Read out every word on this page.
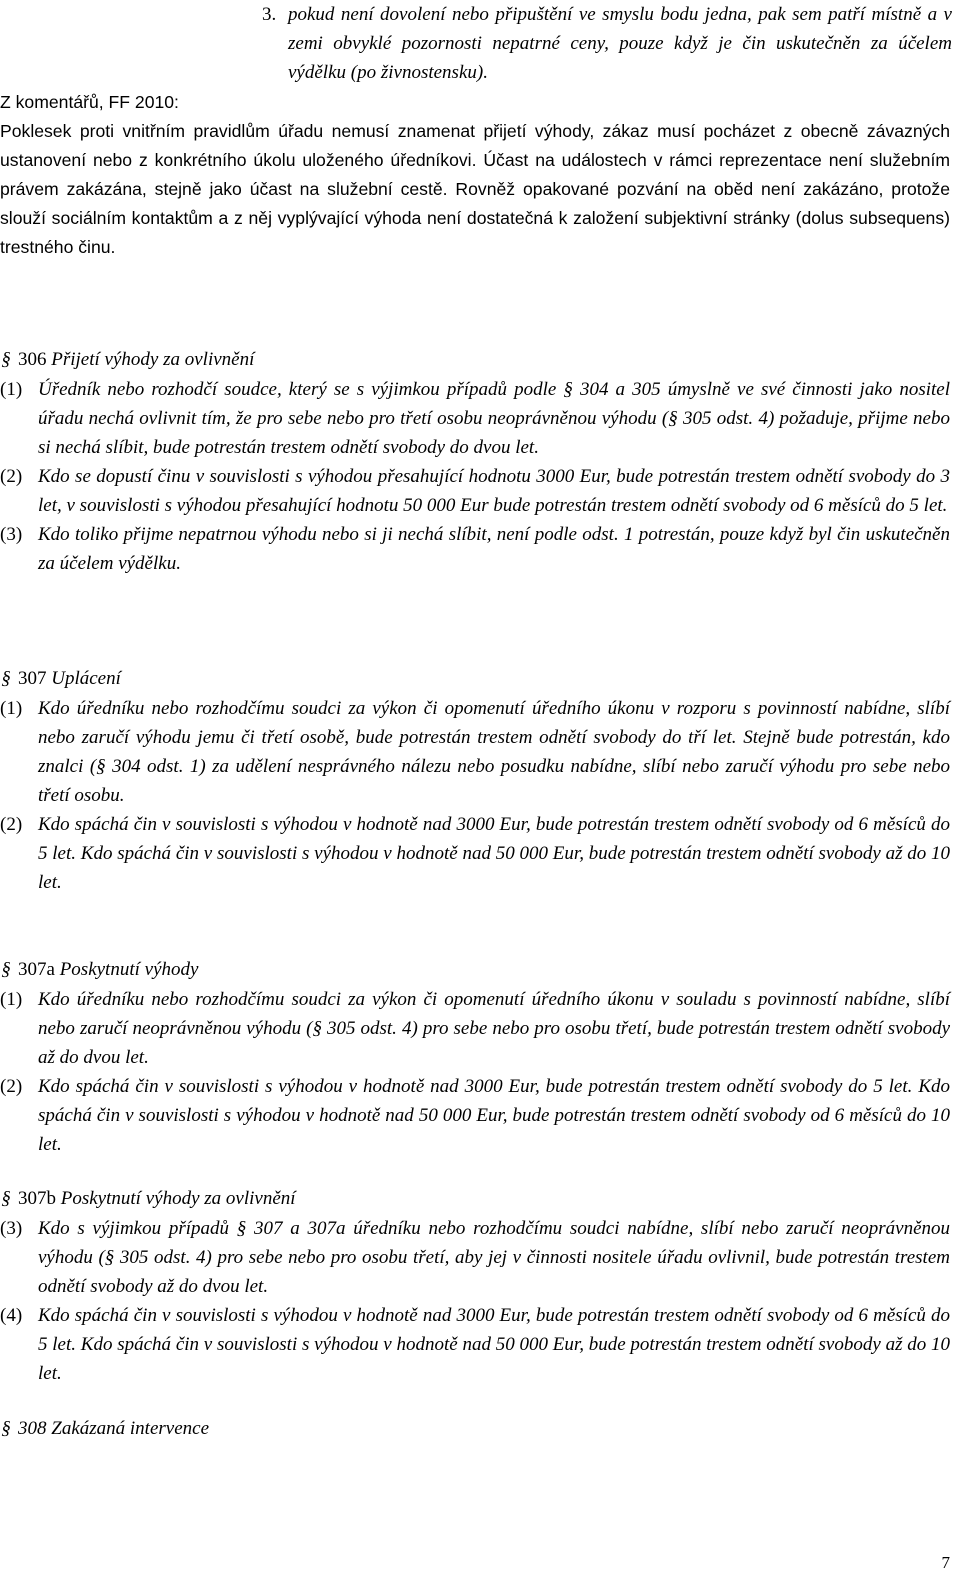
3. pokud není dovolení nebo připuštění ve smyslu bodu jedna, pak sem patří místně a v zemi obvyklé pozornosti nepatrné ceny, pouze když je čin uskutečněn za účelem výdělku (po živnostensku).

Z komentářů, FF 2010:

Poklesek proti vnitřním pravidlům úřadu nemusí znamenat přijetí výhody, zákaz musí pocházet z obecně závazných ustanovení nebo z konkrétního úkolu uloženého úředníkovi. Účast na událostech v rámci reprezentace není služebním právem zakázána, stejně jako účast na služební cestě. Rovněž opakované pozvání na oběd není zakázáno, protože slouží sociálním kontaktům a z něj vyplývající výhoda není dostatečná k založení subjektivní stránky (dolus subsequens) trestného činu.

§ 306 Přijetí výhody za ovlivnění
(1) Úředník nebo rozhodčí soudce, který se s výjimkou případů podle § 304 a 305 úmyslně ve své činnosti jako nositel úřadu nechá ovlivnit tím, že pro sebe nebo pro třetí osobu neoprávněnou výhodu (§ 305 odst. 4) požaduje, přijme nebo si nechá slíbit, bude potrestán trestem odnětí svobody do dvou let.
(2) Kdo se dopustí činu v souvislosti s výhodou přesahující hodnotu 3000 Eur, bude potrestán trestem odnětí svobody do 3 let, v souvislosti s výhodou přesahující hodnotu 50 000 Eur bude potrestán trestem odnětí svobody od 6 měsíců do 5 let.
(3) Kdo toliko přijme nepatrnou výhodu nebo si ji nechá slíbit, není podle odst. 1 potrestán, pouze když byl čin uskutečněn za účelem výdělku.
§ 307 Uplácení
(1) Kdo úředníku nebo rozhodčímu soudci za výkon či opomenutí úředního úkonu v rozporu s povinností nabídne, slíbí nebo zaručí výhodu jemu či třetí osobě, bude potrestán trestem odnětí svobody do tří let. Stejně bude potrestán, kdo znalci (§ 304 odst. 1) za udělení nesprávného nálezu nebo posudku nabídne, slíbí nebo zaručí výhodu pro sebe nebo třetí osobu.
(2) Kdo spáchá čin v souvislosti s výhodou v hodnotě nad 3000 Eur, bude potrestán trestem odnětí svobody od 6 měsíců do 5 let. Kdo spáchá čin v souvislosti s výhodou v hodnotě nad 50 000 Eur, bude potrestán trestem odnětí svobody až do 10 let.
§ 307a Poskytnutí výhody
(1) Kdo úředníku nebo rozhodčímu soudci za výkon či opomenutí úředního úkonu v souladu s povinností nabídne, slíbí nebo zaručí neoprávněnou výhodu (§ 305 odst. 4) pro sebe nebo pro osobu třetí, bude potrestán trestem odnětí svobody až do dvou let.
(2) Kdo spáchá čin v souvislosti s výhodou v hodnotě nad 3000 Eur, bude potrestán trestem odnětí svobody do 5 let. Kdo spáchá čin v souvislosti s výhodou v hodnotě nad 50 000 Eur, bude potrestán trestem odnětí svobody od 6 měsíců do 10 let.
§ 307b Poskytnutí výhody za ovlivnění
(3) Kdo s výjimkou případů § 307 a 307a úředníku nebo rozhodčímu soudci nabídne, slíbí nebo zaručí neoprávněnou výhodu (§ 305 odst. 4) pro sebe nebo pro osobu třetí, aby jej v činnosti nositele úřadu ovlivnil, bude potrestán trestem odnětí svobody až do dvou let.
(4) Kdo spáchá čin v souvislosti s výhodou v hodnotě nad 3000 Eur, bude potrestán trestem odnětí svobody od 6 měsíců do 5 let. Kdo spáchá čin v souvislosti s výhodou v hodnotě nad 50 000 Eur, bude potrestán trestem odnětí svobody až do 10 let.
§ 308 Zakázaná intervence
7
